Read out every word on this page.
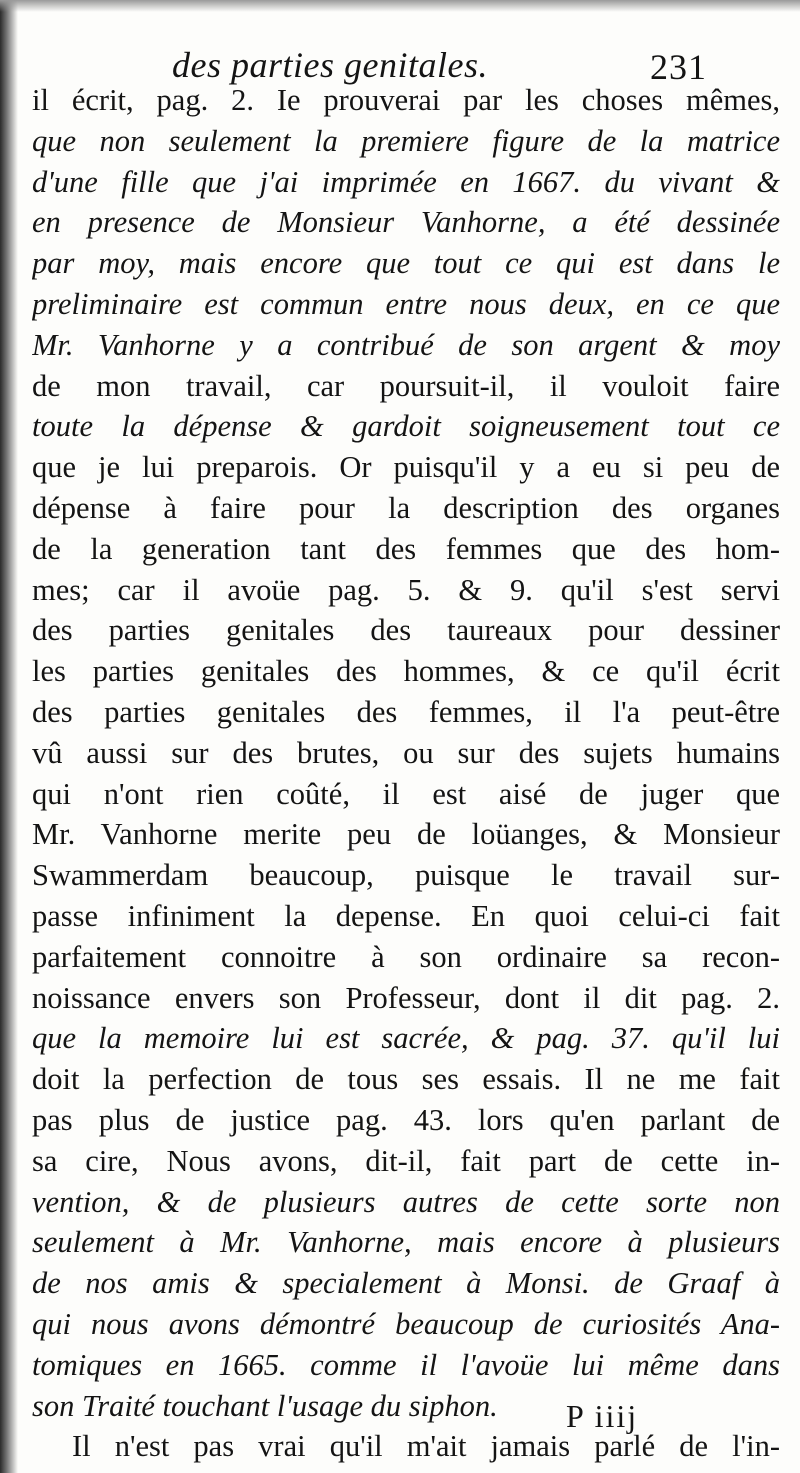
des parties genitales.	231
il écrit, pag. 2. Ie prouverai par les choses mêmes,
que non seulement la premiere figure de la matrice
d'une fille que j'ai imprimée en 1667. du vivant &
en presence de Monsieur Vanhorne, a été dessinée
par moy, mais encore que tout ce qui est dans le
preliminaire est commun entre nous deux, en ce que
Mr. Vanhorne y a contribué de son argent & moy
de mon travail, car poursuit-il, il vouloit faire
toute la dépense & gardoit soigneusement tout ce
que je lui preparois. Or puisqu'il y a eu si peu de
dépense à faire pour la description des organes
de la generation tant des femmes que des hom-
mes; car il avoüe pag. 5. & 9. qu'il s'est servi
des parties genitales des taureaux pour dessiner
les parties genitales des hommes, & ce qu'il écrit
des parties genitales des femmes, il l'a peut-être
vû aussi sur des brutes, ou sur des sujets humains
qui n'ont rien coûté, il est aisé de juger que
Mr. Vanhorne merite peu de loüanges, & Monsieur
Swammerdam beaucoup, puisque le travail sur-
passe infiniment la depense. En quoi celui-ci fait
parfaitement connoitre à son ordinaire sa recon-
noissance envers son Professeur, dont il dit pag. 2.
que la memoire lui est sacrée, & pag. 37. qu'il lui
doit la perfection de tous ses essais. Il ne me fait
pas plus de justice pag. 43. lors qu'en parlant de
sa cire, Nous avons, dit-il, fait part de cette in-
vention, & de plusieurs autres de cette sorte non
seulement à Mr. Vanhorne, mais encore à plusieurs
de nos amis & specialement à Monsi. de Graaf à
qui nous avons démontré beaucoup de curiosités Ana-
tomiques en 1665. comme il l'avoüe lui même dans
son Traité touchant l'usage du siphon.
Il n'est pas vrai qu'il m'ait jamais parlé de l'in-
P iiij
